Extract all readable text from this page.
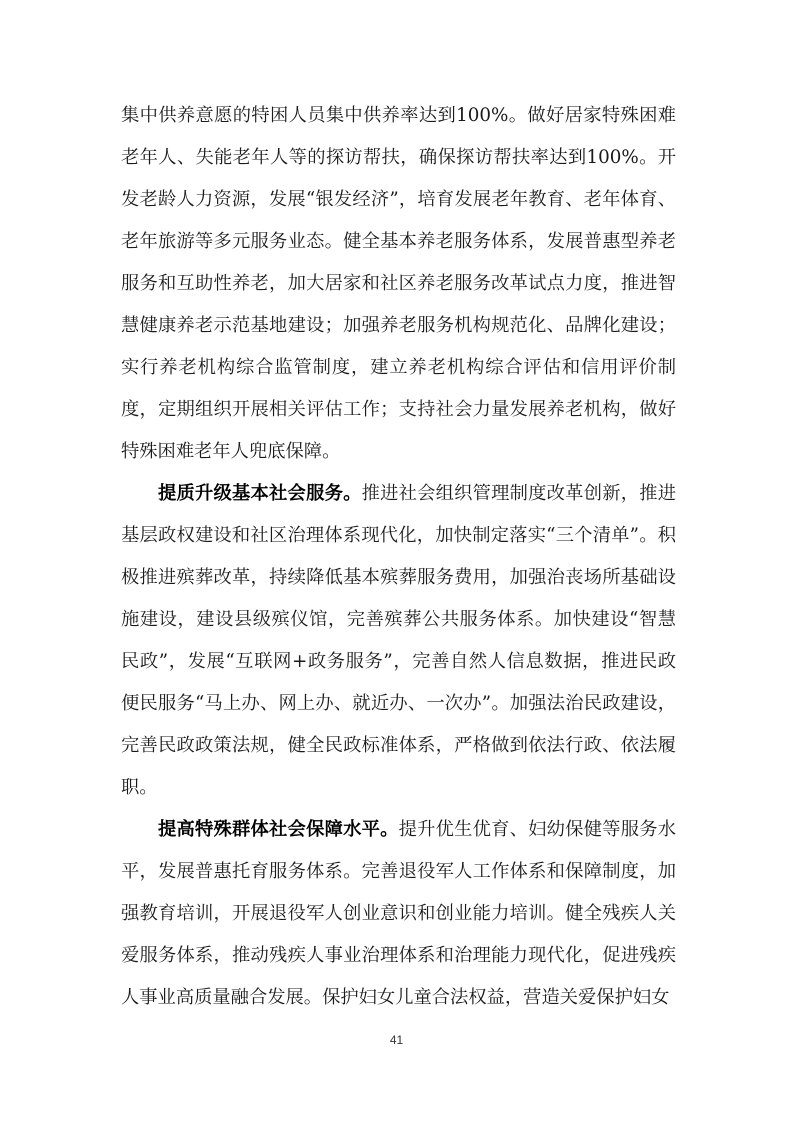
集中供养意愿的特困人员集中供养率达到100%。做好居家特殊困难老年人、失能老年人等的探访帮扶，确保探访帮扶率达到100%。开发老龄人力资源，发展“银发经济”，培育发展老年教育、老年体育、老年旅游等多元服务业态。健全基本养老服务体系，发展普惠型养老服务和互助性养老，加大居家和社区养老服务改革试点力度，推进智慧健康养老示范基地建设；加强养老服务机构规范化、品牌化建设；实行养老机构综合监管制度，建立养老机构综合评估和信用评价制度，定期组织开展相关评估工作；支持社会力量发展养老机构，做好特殊困难老年人兜底保障。

提质升级基本社会服务。推进社会组织管理制度改革创新，推进基层政权建设和社区治理体系现代化，加快制定落实“三个清单”。积极推进殡葬改革，持续降低基本殡葬服务费用，加强治丧场所基础设施建设，建设县级殡仪馆，完善殡葬公共服务体系。加快建设“智慧民政”，发展“互联网+政务服务”，完善自然人信息数据，推进民政便民服务“马上办、网上办、就近办、一次办”。加强法治民政建设，完善民政政策法规，健全民政标准体系，严格做到依法行政、依法履职。

提高特殊群体社会保障水平。提升优生优育、妇幼保健等服务水平，发展普惠托育服务体系。完善退役军人工作体系和保障制度，加强教育培训，开展退役军人创业意识和创业能力培训。健全残疾人关爱服务体系，推动残疾人事业治理体系和治理能力现代化，促进残疾人事业高质量融合发展。保护妇女儿童合法权益，营造关爱保护妇女

41
